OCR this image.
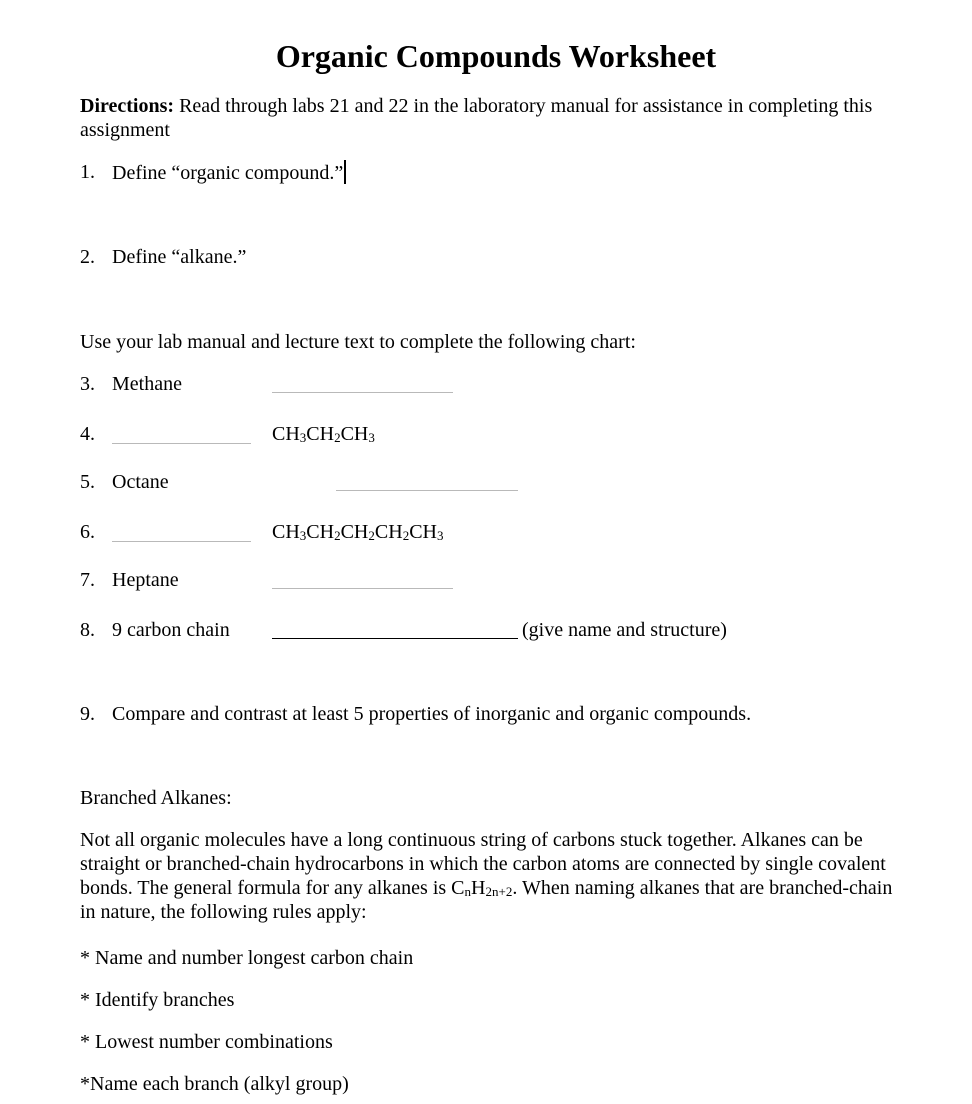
Organic Compounds Worksheet
Directions: Read through labs 21 and 22 in the laboratory manual for assistance in completing this assignment
1. Define “organic compound.”
2. Define “alkane.”
Use your lab manual and lecture text to complete the following chart:
3. Methane
4.	$CH_3CH_2CH_3$
5. Octane
6.	$CH_3CH_2CH_2CH_2CH_3$
7. Heptane
8. 9 carbon chain	(give name and structure)
9. Compare and contrast at least 5 properties of inorganic and organic compounds.
Branched Alkanes:
Not all organic molecules have a long continuous string of carbons stuck together. Alkanes can be straight or branched-chain hydrocarbons in which the carbon atoms are connected by single covalent bonds. The general formula for any alkanes is $C_nH_{2n+2}$. When naming alkanes that are branched-chain in nature, the following rules apply:
* Name and number longest carbon chain
* Identify branches
* Lowest number combinations
*Name each branch (alkyl group)
